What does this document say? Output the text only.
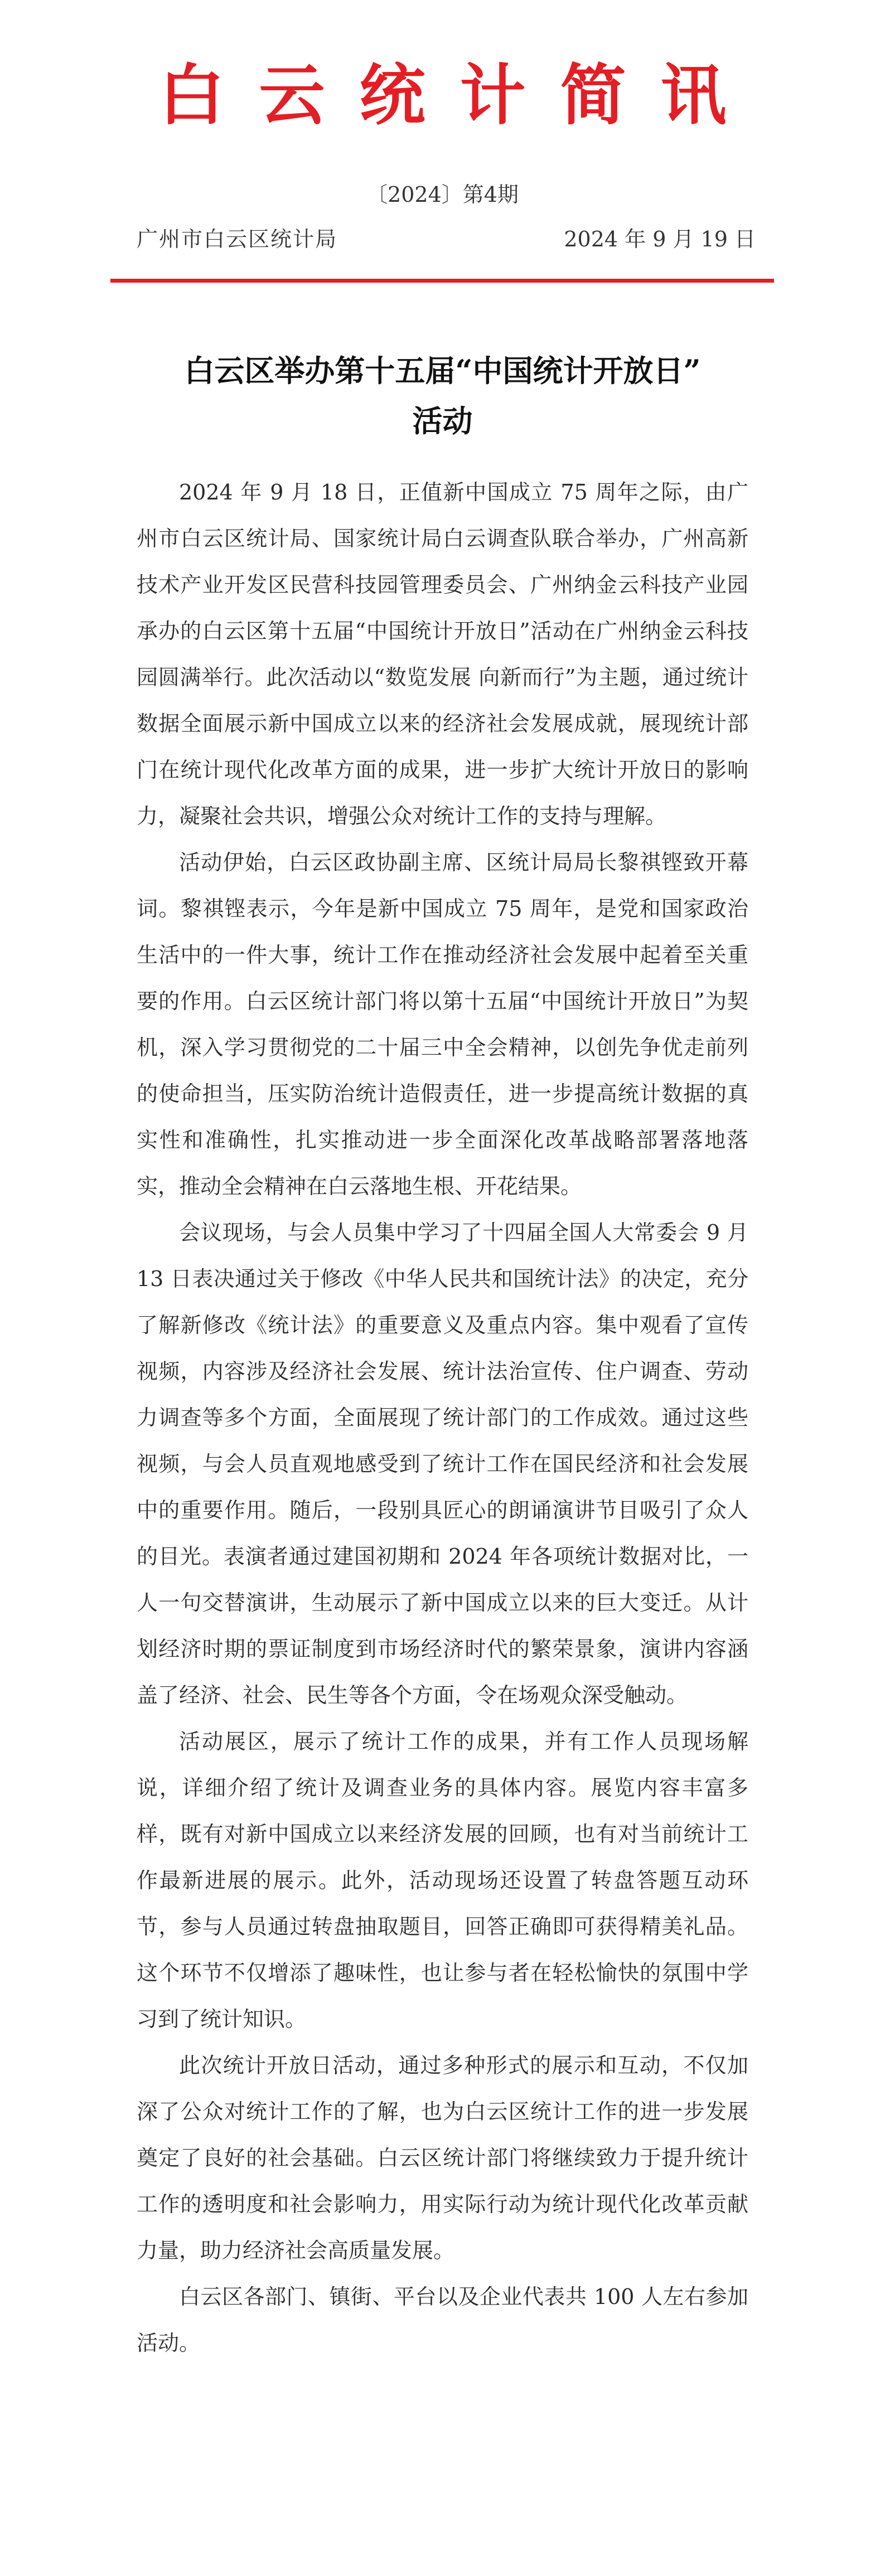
白云统计简讯
〔2024〕第4期
广州市白云区统计局	2024 年 9 月 19 日
白云区举办第十五届“中国统计开放日”
活动

2024 年 9 月 18 日，正值新中国成立 75 周年之际，由广州市白云区统计局、国家统计局白云调查队联合举办，广州高新技术产业开发区民营科技园管理委员会、广州纳金云科技产业园承办的白云区第十五届“中国统计开放日”活动在广州纳金云科技园圆满举行。此次活动以“数览发展 向新而行”为主题，通过统计数据全面展示新中国成立以来的经济社会发展成就，展现统计部门在统计现代化改革方面的成果，进一步扩大统计开放日的影响力，凝聚社会共识，增强公众对统计工作的支持与理解。

活动伊始，白云区政协副主席、区统计局局长黎祺铿致开幕词。黎祺铿表示，今年是新中国成立 75 周年，是党和国家政治生活中的一件大事，统计工作在推动经济社会发展中起着至关重要的作用。白云区统计部门将以第十五届“中国统计开放日”为契机，深入学习贯彻党的二十届三中全会精神，以创先争优走前列的使命担当，压实防治统计造假责任，进一步提高统计数据的真实性和准确性，扎实推动进一步全面深化改革战略部署落地落实，推动全会精神在白云落地生根、开花结果。

会议现场，与会人员集中学习了十四届全国人大常委会 9 月 13 日表决通过关于修改《中华人民共和国统计法》的决定，充分了解新修改《统计法》的重要意义及重点内容。集中观看了宣传视频，内容涉及经济社会发展、统计法治宣传、住户调查、劳动力调查等多个方面，全面展现了统计部门的工作成效。通过这些视频，与会人员直观地感受到了统计工作在国民经济和社会发展中的重要作用。随后，一段别具匠心的朗诵演讲节目吸引了众人的目光。表演者通过建国初期和 2024 年各项统计数据对比，一人一句交替演讲，生动展示了新中国成立以来的巨大变迁。从计划经济时期的票证制度到市场经济时代的繁荣景象，演讲内容涵盖了经济、社会、民生等各个方面，令在场观众深受触动。

活动展区，展示了统计工作的成果，并有工作人员现场解说，详细介绍了统计及调查业务的具体内容。展览内容丰富多样，既有对新中国成立以来经济发展的回顾，也有对当前统计工作最新进展的展示。此外，活动现场还设置了转盘答题互动环节，参与人员通过转盘抽取题目，回答正确即可获得精美礼品。这个环节不仅增添了趣味性，也让参与者在轻松愉快的氛围中学习到了统计知识。

此次统计开放日活动，通过多种形式的展示和互动，不仅加深了公众对统计工作的了解，也为白云区统计工作的进一步发展奠定了良好的社会基础。白云区统计部门将继续致力于提升统计工作的透明度和社会影响力，用实际行动为统计现代化改革贡献力量，助力经济社会高质量发展。

白云区各部门、镇街、平台以及企业代表共 100 人左右参加活动。
